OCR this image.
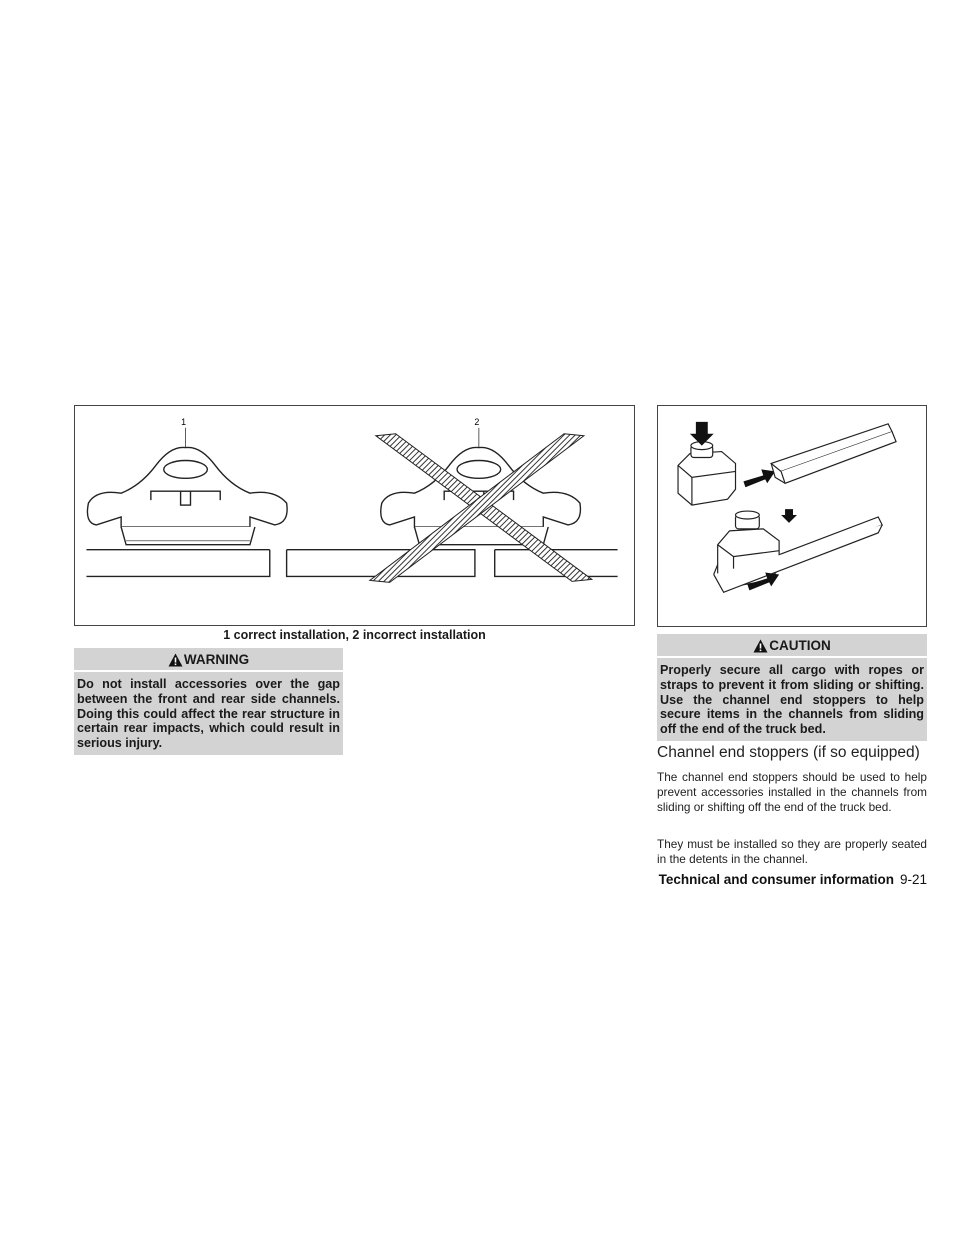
1	2
1 correct installation, 2 incorrect installation
WARNING
Do not install accessories over the gap between the front and rear side channels. Doing this could affect the rear structure in certain rear impacts, which could result in serious injury.
CAUTION
Properly secure all cargo with ropes or straps to prevent it from sliding or shifting. Use the channel end stoppers to help secure items in the channels from sliding off the end of the truck bed.
Channel end stoppers (if so equipped)
The channel end stoppers should be used to help prevent accessories installed in the channels from sliding or shifting off the end of the truck bed.
They must be installed so they are properly seated in the detents in the channel.
Technical and consumer information 9-21
